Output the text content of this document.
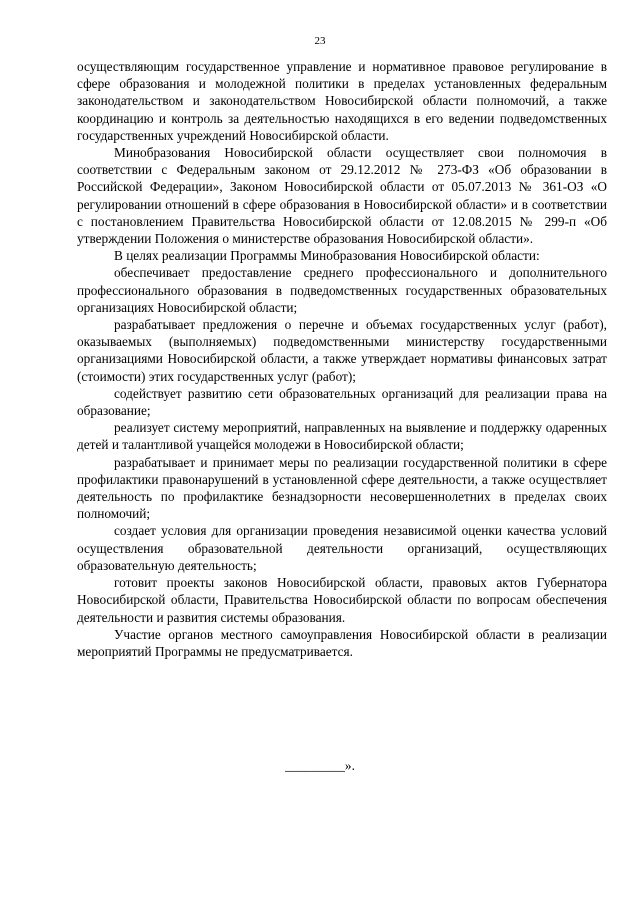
23

осуществляющим государственное управление и нормативное правовое регулирование в сфере образования и молодежной политики в пределах установленных федеральным законодательством и законодательством Новосибирской области полномочий, а также координацию и контроль за деятельностью находящихся в его ведении подведомственных государственных учреждений Новосибирской области.

Минобразования Новосибирской области осуществляет свои полномочия в соответствии с Федеральным законом от 29.12.2012 № 273-ФЗ «Об образовании в Российской Федерации», Законом Новосибирской области от 05.07.2013 № 361-ОЗ «О регулировании отношений в сфере образования в Новосибирской области» и в соответствии с постановлением Правительства Новосибирской области от 12.08.2015 № 299-п «Об утверждении Положения о министерстве образования Новосибирской области».

В целях реализации Программы Минобразования Новосибирской области:

обеспечивает предоставление среднего профессионального и дополнительного профессионального образования в подведомственных государственных образовательных организациях Новосибирской области;

разрабатывает предложения о перечне и объемах государственных услуг (работ), оказываемых (выполняемых) подведомственными министерству государственными организациями Новосибирской области, а также утверждает нормативы финансовых затрат (стоимости) этих государственных услуг (работ);

содействует развитию сети образовательных организаций для реализации права на образование;

реализует систему мероприятий, направленных на выявление и поддержку одаренных детей и талантливой учащейся молодежи в Новосибирской области;

разрабатывает и принимает меры по реализации государственной политики в сфере профилактики правонарушений в установленной сфере деятельности, а также осуществляет деятельность по профилактике безнадзорности несовершеннолетних в пределах своих полномочий;

создает условия для организации проведения независимой оценки качества условий осуществления образовательной деятельности организаций, осуществляющих образовательную деятельность;

готовит проекты законов Новосибирской области, правовых актов Губернатора Новосибирской области, Правительства Новосибирской области по вопросам обеспечения деятельности и развития системы образования.

Участие органов местного самоуправления Новосибирской области в реализации мероприятий Программы не предусматривается.

_________».
